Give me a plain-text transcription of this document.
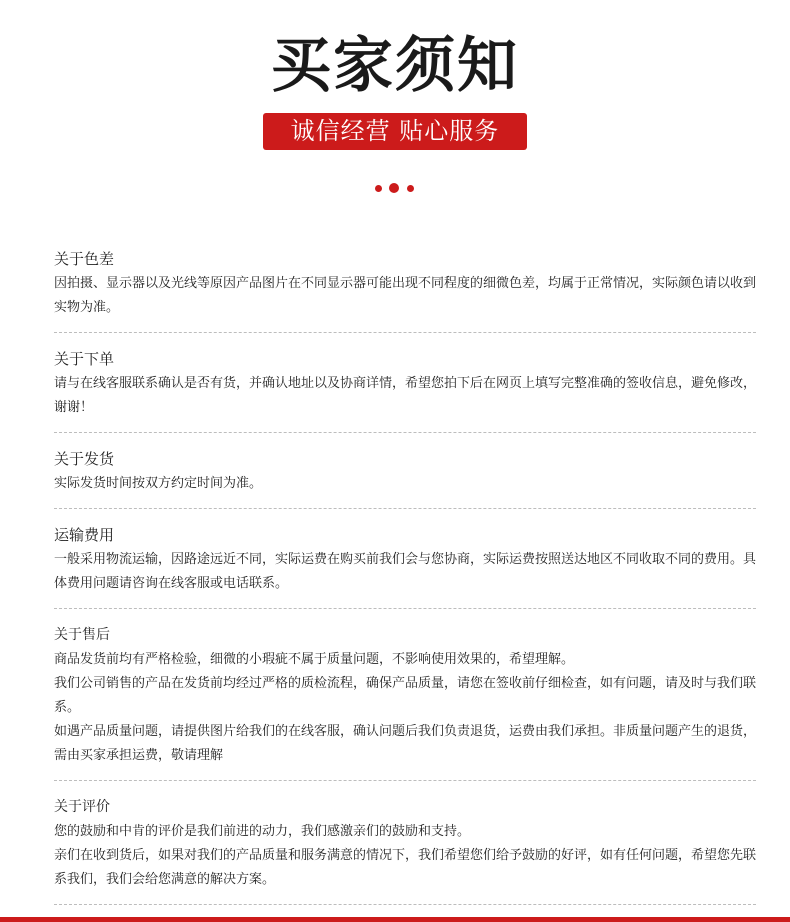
买家须知
诚信经营 贴心服务
关于色差

因拍摄、显示器以及光线等原因产品图片在不同显示器可能出现不同程度的细微色差，均属于正常情况，实际颜色请以收到实物为准。

关于下单

请与在线客服联系确认是否有货，并确认地址以及协商详情，希望您拍下后在网页上填写完整准确的签收信息，避免修改，谢谢！

关于发货

实际发货时间按双方约定时间为准。

运输费用

一般采用物流运输，因路途远近不同，实际运费在购买前我们会与您协商，实际运费按照送达地区不同收取不同的费用。具体费用问题请咨询在线客服或电话联系。

关于售后

商品发货前均有严格检验，细微的小瑕疵不属于质量问题，不影响使用效果的，希望理解。

我们公司销售的产品在发货前均经过严格的质检流程，确保产品质量，请您在签收前仔细检查，如有问题，请及时与我们联系。

如遇产品质量问题，请提供图片给我们的在线客服，确认问题后我们负责退货，运费由我们承担。非质量问题产生的退货，需由买家承担运费，敬请理解

关于评价

您的鼓励和中肯的评价是我们前进的动力，我们感激亲们的鼓励和支持。

亲们在收到货后，如果对我们的产品质量和服务满意的情况下，我们希望您们给予鼓励的好评，如有任何问题，希望您先联系我们，我们会给您满意的解决方案。
